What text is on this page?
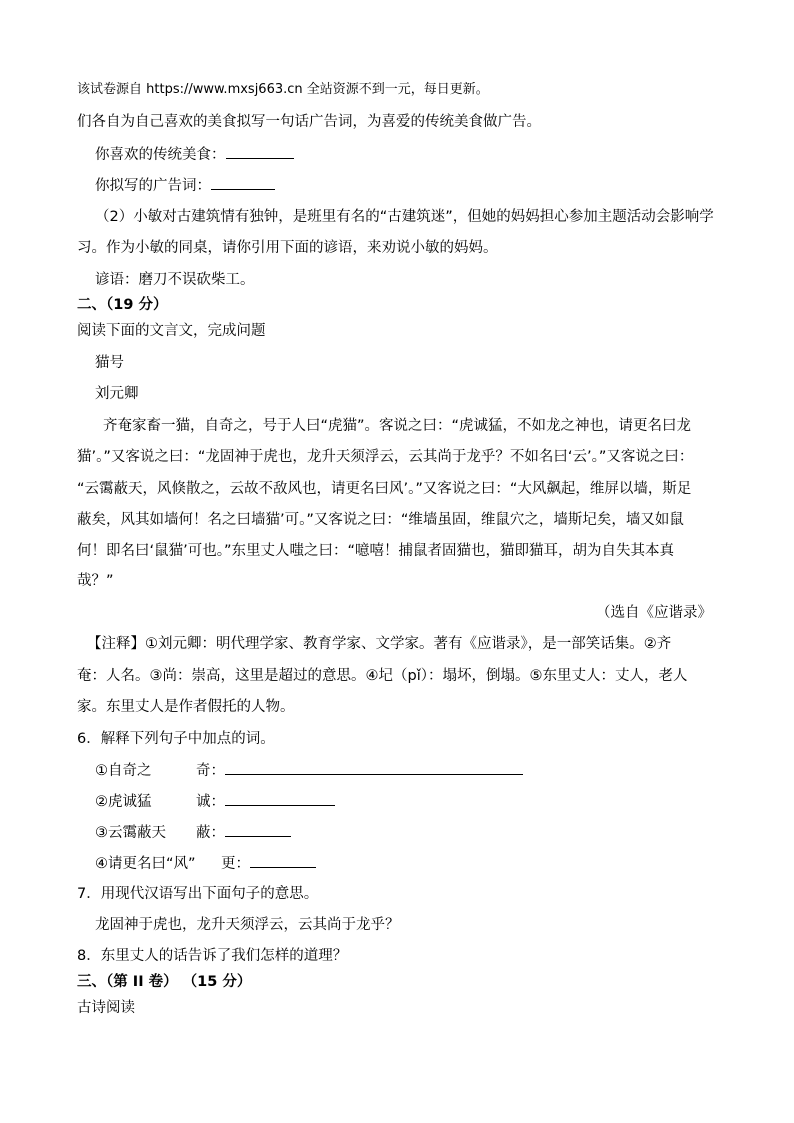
该试卷源自 https://www.mxsj663.cn 全站资源不到一元，每日更新。
们各自为自己喜欢的美食拟写一句话广告词，为喜爱的传统美食做广告。
你喜欢的传统美食：
你拟写的广告词：
（2）小敏对古建筑情有独钟，是班里有名的“古建筑迷”，但她的妈妈担心参加主题活动会影响学
习。作为小敏的同桌，请你引用下面的谚语，来劝说小敏的妈妈。
谚语：磨刀不误砍柴工。
二、（19 分）
阅读下面的文言文，完成问题
猫号
刘元卿
齐奄家畜一猫，自奇之，号于人曰“虎猫”。客说之曰：“虎诚猛，不如龙之神也，请更名曰龙
猫’。”又客说之曰：“龙固神于虎也，龙升天须浮云，云其尚于龙乎？不如名曰‘云’。”又客说之曰：
“云霭蔽天，风倏散之，云故不敌风也，请更名曰风’。”又客说之曰：“大风飙起，维屏以墙，斯足
蔽矣，风其如墙何！名之曰墙猫’可。”又客说之曰：“维墙虽固，维鼠穴之，墙斯圮矣，墙又如鼠
何！即名曰‘鼠猫’可也。”东里丈人嗤之曰：“噫嘻！捕鼠者固猫也，猫即猫耳，胡为自失其本真
哉？”
（选自《应谐录》
【注释】①刘元卿：明代理学家、教育学家、文学家。著有《应谐录》，是一部笑话集。②齐
奄：人名。③尚：崇高，这里是超过的意思。④圮（pǐ）：塌坏，倒塌。⑤东里丈人：丈人，老人
家。东里丈人是作者假托的人物。
6．解释下列句子中加点的词。
①自奇之	奇：
②虎诚猛	诚：
③云霭蔽天 蔽：
④请更名曰“风” 更：
7．用现代汉语写出下面句子的意思。
龙固神于虎也，龙升天须浮云，云其尚于龙乎？
8．东里丈人的话告诉了我们怎样的道理？
三、（第 II 卷） （15 分）
古诗阅读
